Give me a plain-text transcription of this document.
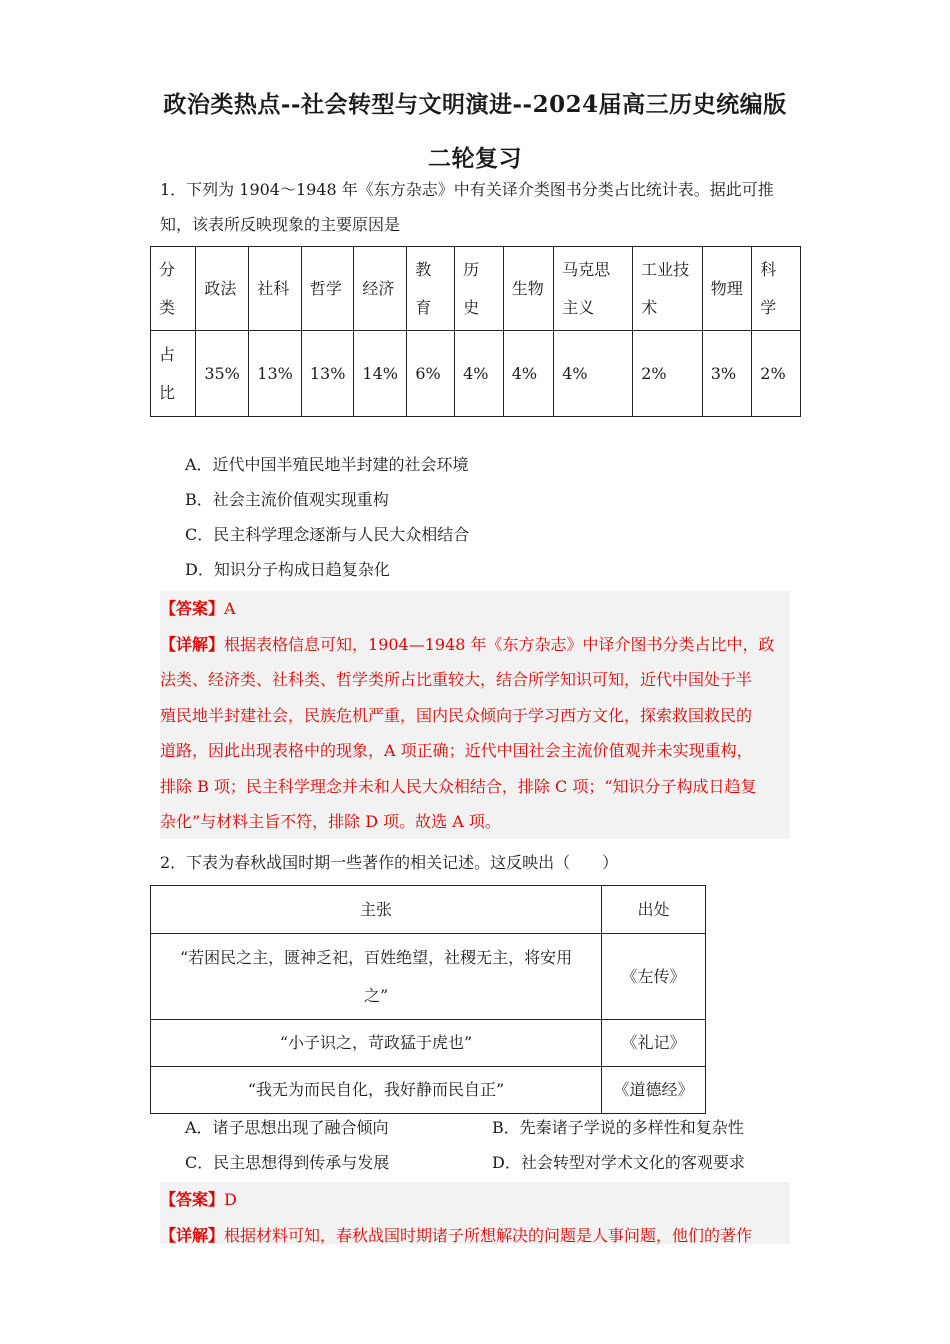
政治类热点--社会转型与文明演进--2024届高三历史统编版
二轮复习
1．下列为 1904～1948 年《东方杂志》中有关译介类图书分类占比统计表。据此可推
知，该表所反映现象的主要原因是
分类	政法	社科	哲学	经济	教育	历史	生物	马克思主义	工业技术	物理	科学
占比	35%	13%	13%	14%	6%	4%	4%	4%	2%	3%	2%
A．近代中国半殖民地半封建的社会环境
B．社会主流价值观实现重构
C．民主科学理念逐渐与人民大众相结合
D．知识分子构成日趋复杂化
【答案】A
【详解】根据表格信息可知，1904—1948 年《东方杂志》中译介图书分类占比中，政
法类、经济类、社科类、哲学类所占比重较大，结合所学知识可知，近代中国处于半
殖民地半封建社会，民族危机严重，国内民众倾向于学习西方文化，探索救国救民的
道路，因此出现表格中的现象，A 项正确；近代中国社会主流价值观并未实现重构，
排除 B 项；民主科学理念并未和人民大众相结合，排除 C 项；“知识分子构成日趋复
杂化”与材料主旨不符，排除 D 项。故选 A 项。
2．下表为春秋战国时期一些著作的相关记述。这反映出（　　）
主张	出处

“若困民之主，匮神乏祀，百姓绝望，社稷无主，将安用
之”	《左传》
“小子识之，苛政猛于虎也”	《礼记》
“我无为而民自化，我好静而民自正”	《道德经》
A．诸子思想出现了融合倾向	B．先秦诸子学说的多样性和复杂性
C．民主思想得到传承与发展	D．社会转型对学术文化的客观要求
【答案】D
【详解】根据材料可知，春秋战国时期诸子所想解决的问题是人事问题，他们的著作
